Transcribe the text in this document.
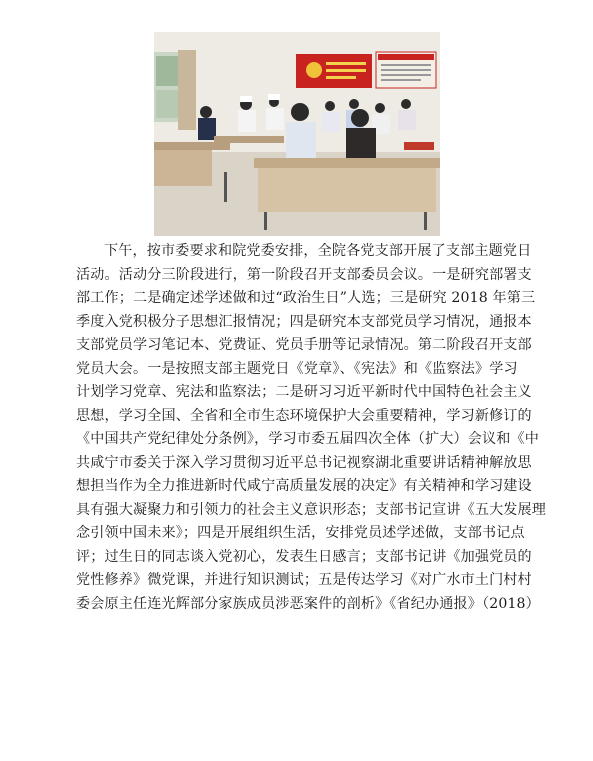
下午，按市委要求和院党委安排，全院各党支部开展了支部主题党日
活动。活动分三阶段进行，第一阶段召开支部委员会议。一是研究部署支
部工作；二是确定述学述做和过“政治生日”人选；三是研究 2018 年第三
季度入党积极分子思想汇报情况；四是研究本支部党员学习情况，通报本
支部党员学习笔记本、党费证、党员手册等记录情况。第二阶段召开支部
党员大会。一是按照支部主题党日《党章》、《宪法》和《监察法》学习
计划学习党章、宪法和监察法；二是研习习近平新时代中国特色社会主义
思想，学习全国、全省和全市生态环境保护大会重要精神，学习新修订的
《中国共产党纪律处分条例》，学习市委五届四次全体（扩大）会议和《中
共咸宁市委关于深入学习贯彻习近平总书记视察湖北重要讲话精神解放思
想担当作为全力推进新时代咸宁高质量发展的决定》有关精神和学习建设
具有强大凝聚力和引领力的社会主义意识形态；支部书记宣讲《五大发展理
念引领中国未来》；四是开展组织生活，安排党员述学述做，支部书记点
评；过生日的同志谈入党初心，发表生日感言；支部书记讲《加强党员的
党性修养》微党课，并进行知识测试；五是传达学习《对广水市土门村村
委会原主任连光辉部分家族成员涉恶案件的剖析》《省纪办通报》（2018）
